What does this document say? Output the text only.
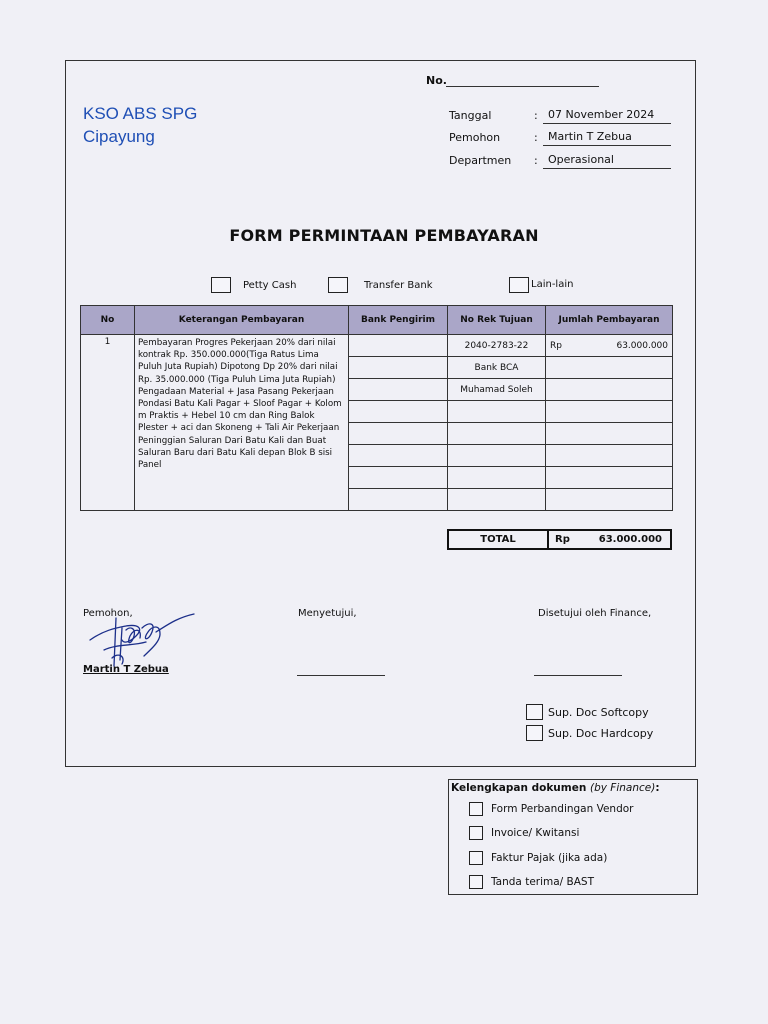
KSO ABS SPG
Cipayung
No.
Tanggal	: 07 November 2024
Pemohon	: Martin T Zebua
Departmen : Operasional
FORM PERMINTAAN PEMBAYARAN
Petty Cash	Transfer Bank	Lain-lain
No	Keterangan Pembayaran	Bank Pengirim	No Rek Tujuan	Jumlah Pembayaran
1	Pembayaran Progres Pekerjaan 20% dari nilai kontrak Rp. 350.000.000(Tiga Ratus Lima Puluh Juta Rupiah) Dipotong Dp 20% dari nilai Rp. 35.000.000 (Tiga Puluh Lima Juta Rupiah) Pengadaan Material + Jasa Pasang Pekerjaan Pondasi Batu Kali Pagar + Sloof Pagar + Kolom m Praktis + Hebel 10 cm dan Ring Balok Plester + aci dan Skoneng + Tali Air Pekerjaan Peninggian Saluran Dari Batu Kali dan Buat Saluran Baru dari Batu Kali depan Blok B sisi Panel		2040-2783-22	Rp 63.000.000

			Bank BCA	
			Muhamad Soleh	

TOTAL	Rp	63.000.000
Pemohon,
Martin T Zebua
Menyetujui,	Disetujui oleh Finance,
Sup. Doc Softcopy
Sup. Doc Hardcopy
Kelengkapan dokumen (by Finance):
Form Perbandingan Vendor
Invoice/ Kwitansi
Faktur Pajak (jika ada)
Tanda terima/ BAST
